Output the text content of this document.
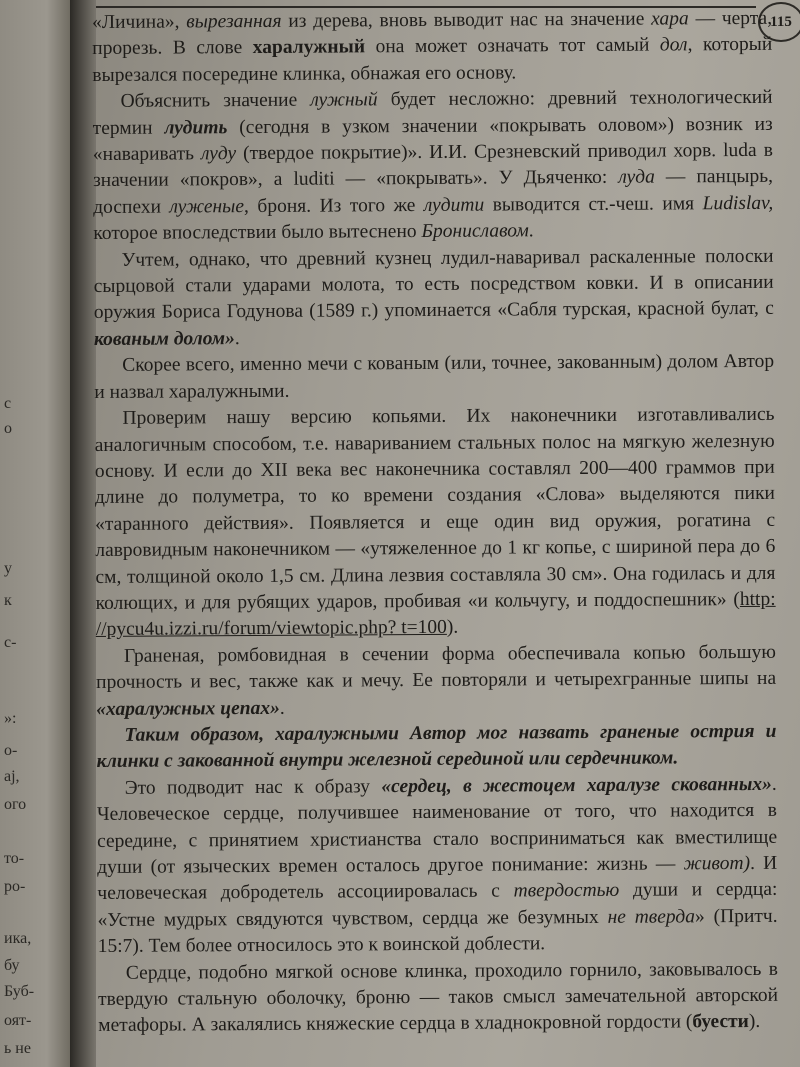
с
о
у
к
с-
»:
о-
aj,
ого
то-
ро-
ика,
бу
Буб-
оят-
ь не
115

«Личина», вырезанная из дерева, вновь выводит нас на значение хара — черта, прорезь. В слове харалужный она может означать тот самый дол, который вырезался посередине клинка, обнажая его основу.

Объяснить значение лужный будет несложно: древний технологический термин лудить (сегодня в узком значении «покрывать оловом») возник из «наваривать луду (твердое покрытие)». И.И. Срезневский приводил хорв. luda в значении «покров», а luditi — «покрывать». У Дьяченко: луда — панцырь, доспехи луженые, броня. Из того же лудити выводится ст.-чеш. имя Ludislav, которое впоследствии было вытеснено Брониславом.

Учтем, однако, что древний кузнец лудил-наваривал раскаленные полоски сырцовой стали ударами молота, то есть посредством ковки. И в описании оружия Бориса Годунова (1589 г.) упоминается «Сабля турская, красной булат, с кованым долом».

Скорее всего, именно мечи с кованым (или, точнее, закованным) долом Автор и назвал харалужными.

Проверим нашу версию копьями. Их наконечники изготавливались аналогичным способом, т.е. навариванием стальных полос на мягкую железную основу. И если до XII века вес наконечника составлял 200—400 граммов при длине до полуметра, то ко времени создания «Слова» выделяются пики «таранного действия». Появляется и еще один вид оружия, рогатина с лавровидным наконечником — «утяжеленное до 1 кг копье, с шириной пера до 6 см, толщиной около 1,5 см. Длина лезвия составляла 30 см». Она годилась и для колющих, и для рубящих ударов, пробивая «и кольчугу, и поддоспешник» (http: //pycu4u.izzi.ru/forum/viewtopic.php? t=100).

Граненая, ромбовидная в сечении форма обеспечивала копью большую прочность и вес, также как и мечу. Ее повторяли и четырехгранные шипы на «харалужных цепах».

Таким образом, харалужными Автор мог назвать граненые острия и клинки с закованной внутри железной серединой или сердечником.

Это подводит нас к образу «сердец, в жестоцем харалузе скованных». Человеческое сердце, получившее наименование от того, что находится в середине, с принятием христианства стало восприниматься как вместилище души (от языческих времен осталось другое понимание: жизнь — живот). И человеческая добродетель ассоциировалась с твердостью души и сердца: «Устне мудрых свядуются чувством, сердца же безумных не тверда» (Притч. 15:7). Тем более относилось это к воинской доблести.

Сердце, подобно мягкой основе клинка, проходило горнило, заковывалось в твердую стальную оболочку, броню — таков смысл замечательной авторской метафоры. А закалялись княжеские сердца в хладнокровной гордости (буести).
